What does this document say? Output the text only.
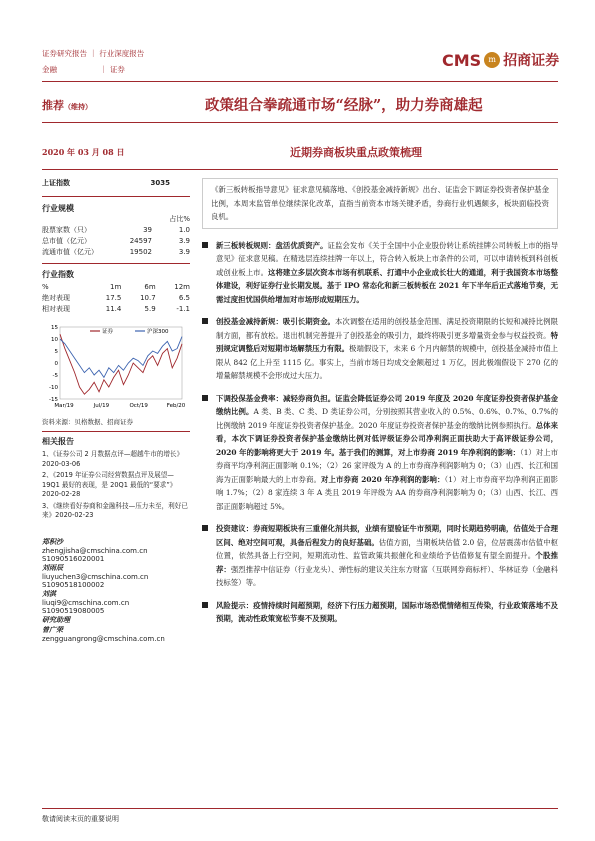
证券研究报告 ｜ 行业深度报告
金融	｜ 证券	CMS m 招商证券
推荐（维持）	政策组合拳疏通市场“经脉”，助力券商雄起
2020 年 03 月 08 日	近期券商板块重点政策梳理
上证指数	3035
行业规模
占比%
股票家数（只）	39	1.0
总市值（亿元）	24597	3.9
流通市值（亿元）	19502	3.9
行业指数
%	1m	6m	12m
绝对表现	17.5	10.7	6.5
相对表现	11.4	5.9	-1.1
15
10
5
0
-5
-10
-15
Mar/19	Jul/19	Oct/19	Feb/20
证券	沪深300
资料来源：贝格数据、招商证券
相关报告
1、《证券公司 2 月数据点评—超越牛市的增长》2020-03-06
2、《2019 年证券公司经营数据点评及展望—19Q1 最好的表现，是 20Q1 最低的“要求”》2020-02-28
3、《继续看好券商和金融科技—压力未至，利好已来》2020-02-23
郑积沙
zhengjisha@cmschina.com.cn
S1090516020001
刘雨辰
liuyuchen3@cmschina.com.cn
S1090518100002
刘淇
liuqi9@cmschina.com.cn
S1090519080005
研究助理
曾广荣
zengguangrong@cmschina.com.cn
《新三板转板指导意见》征求意见稿落地、《创投基金减持新规》出台、证监会下调证券投资者保护基金比例，本周末监管单位继续深化改革，直指当前资本市场关键矛盾，券商行业机遇颇多，板块面临投资良机。
新三板转板规则：盘活优质资产。证监会发布《关于全国中小企业股份转让系统挂牌公司转板上市的指导意见》征求意见稿。在精选层连续挂牌一年以上，符合转入板块上市条件的公司，可以申请转板到科创板或创业板上市。这将建立多层次资本市场有机联系、打通中小企业成长壮大的通道，利于我国资本市场整体建设，利好证券行业长期发展。基于 IPO 常态化和新三板转板在 2021 年下半年后正式落地节奏，无需过度担忧国供给增加对市场形成短期压力。
创投基金减持新规：吸引长期资金。本次调整在适用的创投基金范围、满足投资期限的长短和减持比例限制方面，都有放松。退出机制完善提升了创投基金的吸引力，最终将吸引更多增量资金参与权益投资。特别规定调整后对短期市场解禁压力有限。极端假设下，未来 6 个月内解禁的规模中，创投基金减持市值上限从 842 亿上升至 1115 亿。事实上，当前市场日均成交金额超过 1 万亿，因此极端假设下 270 亿的增量解禁规模不会形成过大压力。
下调投保基金费率：减轻券商负担。证监会降低证券公司 2019 年度及 2020 年度证券投资者保护基金缴纳比例。A 类、B 类、C 类、D 类证券公司，分别按照其营业收入的 0.5%、0.6%、0.7%、0.7%的比例缴纳 2019 年度证券投资者保护基金。2020 年度证券投资者保护基金的缴纳比例参照执行。总体来看，本次下调证券投资者保护基金缴纳比例对低评级证券公司净利润正面扶助大于高评级证券公司，2020 年的影响将更大于 2019 年。基于我们的测算，对上市券商 2019 年净利润的影响：（1）对上市券商平均净利润正面影响 0.1%；（2）26 家评级为 A 的上市券商净利润影响为 0；（3）山西、长江和国海为正面影响最大的上市券商。对上市券商 2020 年净利润的影响：（1）对上市券商平均净利润正面影响 1.7%；（2）8 家连续 3 年 A 类且 2019 年评级为 AA 的券商净利润影响为 0；（3）山西、长江、西部正面影响超过 5%。
投资建议：券商短期板块有三重催化剂共振，业绩有望验证牛市预期，同时长期趋势明确，估值处于合理区间、绝对空间可观，具备后程发力的良好基础。估值方面，当期板块估值 2.0 倍，位居震荡市估值中枢位置，依然具备上行空间，短期流动性、监管政策共振催化和业绩给予估值修复有望全面提升。个股推荐：强烈推荐中信证券（行业龙头）、弹性标的建议关注东方财富（互联网券商标杆）、华林证券（金融科技标签）等。
风险提示：疫情持续时间超预期，经济下行压力超预期，国际市场恐慌情绪相互传染，行业政策落地不及预期，流动性政策宽松节奏不及预期。
敬请阅读末页的重要说明
